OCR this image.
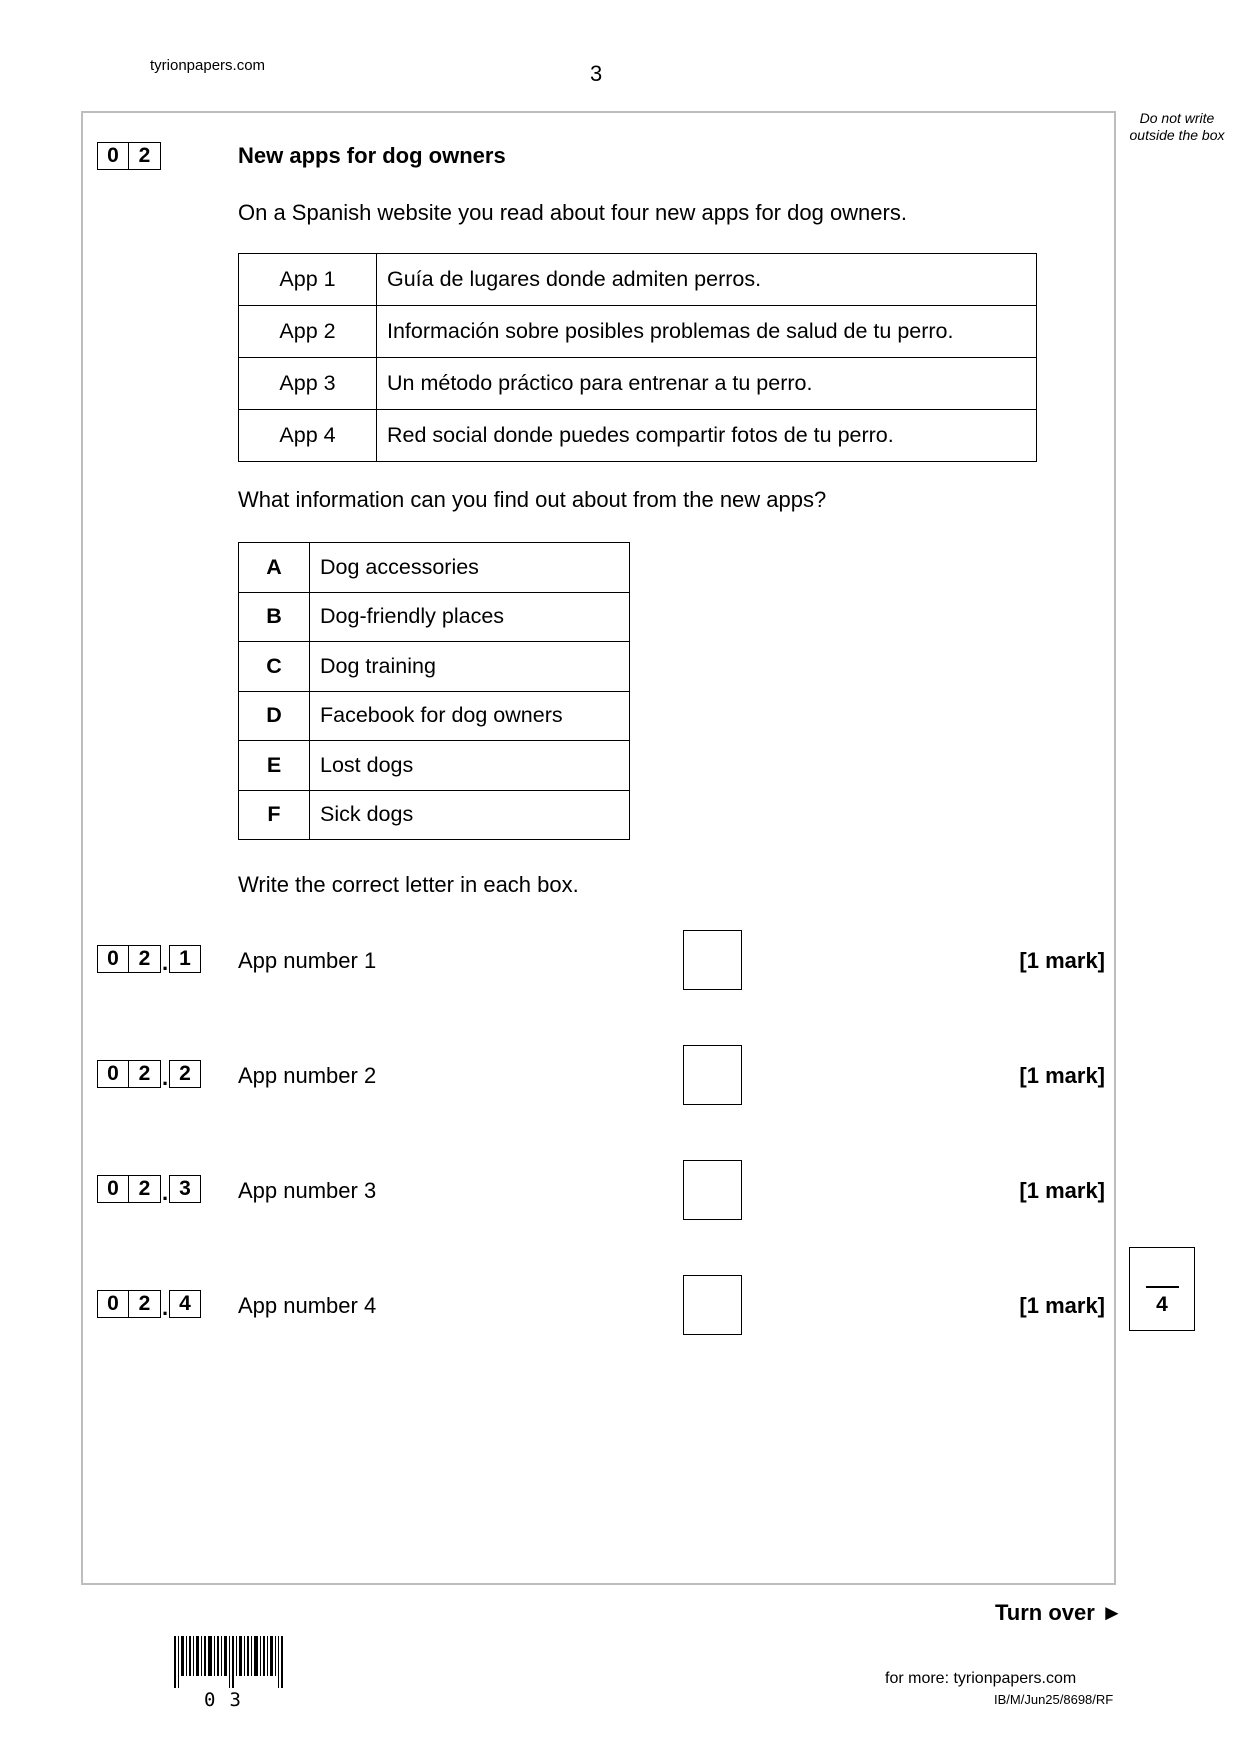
tyrionpapers.com	3
Do not write outside the box
0 2	New apps for dog owners
On a Spanish website you read about four new apps for dog owners.
App 1	Guía de lugares donde admiten perros.
App 2	Información sobre posibles problemas de salud de tu perro.
App 3	Un método práctico para entrenar a tu perro.
App 4	Red social donde puedes compartir fotos de tu perro.
What information can you find out about from the new apps?
A	Dog accessories
B	Dog-friendly places
C	Dog training
D	Facebook for dog owners
E	Lost dogs
F	Sick dogs
Write the correct letter in each box.
0 2 . 1	App number 1	[1 mark]
0 2 . 2	App number 2	[1 mark]
0 2 . 3	App number 3	[1 mark]
0 2 . 4	App number 4	[1 mark]	4
Turn over ►
03
for more: tyrionpapers.com
IB/M/Jun25/8698/RF
